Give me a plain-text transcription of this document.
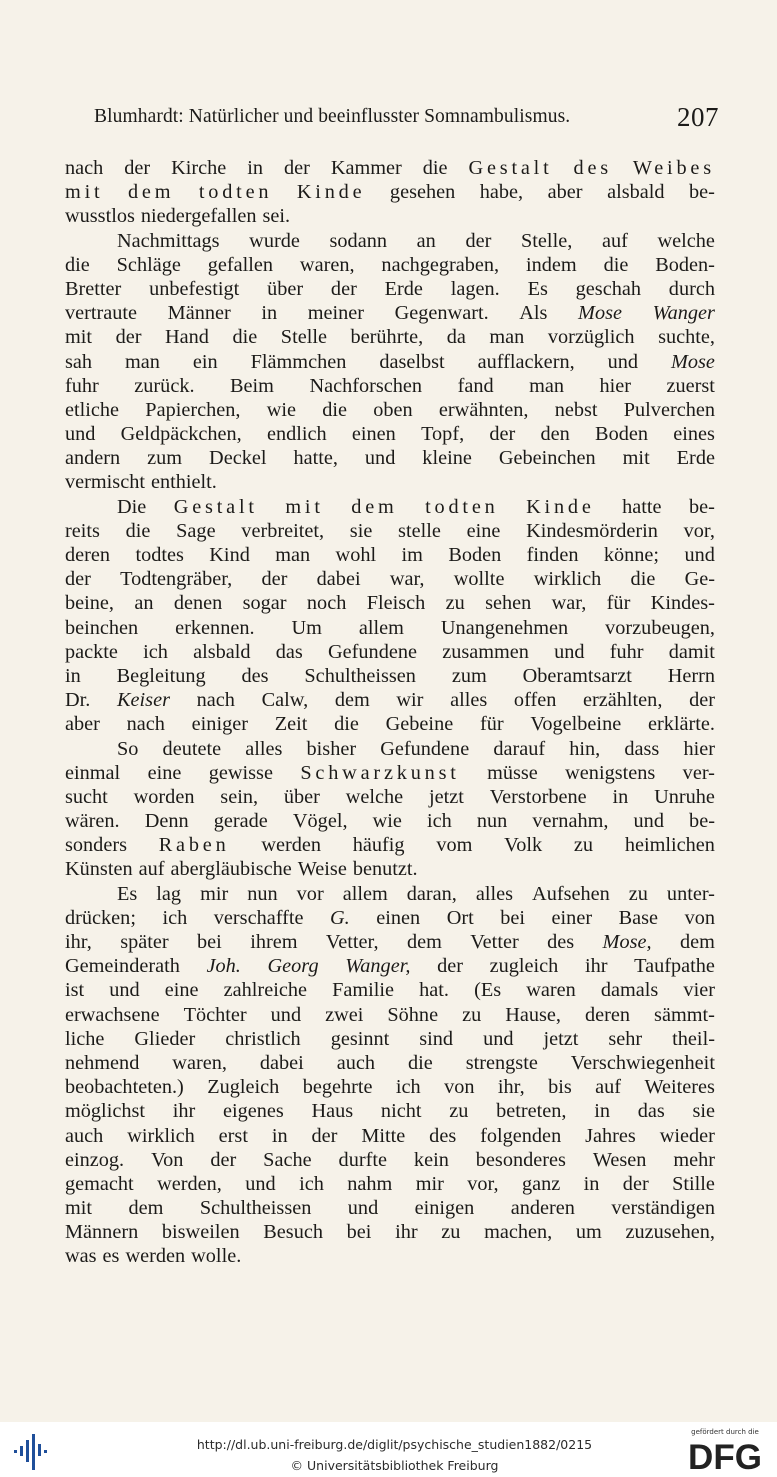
Blumhardt: Natürlicher und beeinflusster Somnambulismus.	207
nach der Kirche in der Kammer die Gestalt des Weibes
mit dem todten Kinde gesehen habe, aber alsbald be-
wusstlos niedergefallen sei.
Nachmittags wurde sodann an der Stelle, auf welche
die Schläge gefallen waren, nachgegraben, indem die Boden-
Bretter unbefestigt über der Erde lagen. Es geschah durch
vertraute Männer in meiner Gegenwart. Als Mose Wanger
mit der Hand die Stelle berührte, da man vorzüglich suchte,
sah man ein Flämmchen daselbst aufflackern, und Mose
fuhr zurück. Beim Nachforschen fand man hier zuerst
etliche Papierchen, wie die oben erwähnten, nebst Pulverchen
und Geldpäckchen, endlich einen Topf, der den Boden eines
andern zum Deckel hatte, und kleine Gebeinchen mit Erde
vermischt enthielt.
Die Gestalt mit dem todten Kinde hatte be-
reits die Sage verbreitet, sie stelle eine Kindesmörderin vor,
deren todtes Kind man wohl im Boden finden könne; und
der Todtengräber, der dabei war, wollte wirklich die Ge-
beine, an denen sogar noch Fleisch zu sehen war, für Kindes-
beinchen erkennen. Um allem Unangenehmen vorzubeugen,
packte ich alsbald das Gefundene zusammen und fuhr damit
in Begleitung des Schultheissen zum Oberamtsarzt Herrn
Dr. Keiser nach Calw, dem wir alles offen erzählten, der
aber nach einiger Zeit die Gebeine für Vogelbeine erklärte.
So deutete alles bisher Gefundene darauf hin, dass hier
einmal eine gewisse Schwarzkunst müsse wenigstens ver-
sucht worden sein, über welche jetzt Verstorbene in Unruhe
wären. Denn gerade Vögel, wie ich nun vernahm, und be-
sonders Raben werden häufig vom Volk zu heimlichen
Künsten auf abergläubische Weise benutzt.
Es lag mir nun vor allem daran, alles Aufsehen zu unter-
drücken; ich verschaffte G. einen Ort bei einer Base von
ihr, später bei ihrem Vetter, dem Vetter des Mose, dem
Gemeinderath Joh. Georg Wanger, der zugleich ihr Taufpathe
ist und eine zahlreiche Familie hat. (Es waren damals vier
erwachsene Töchter und zwei Söhne zu Hause, deren sämmt-
liche Glieder christlich gesinnt sind und jetzt sehr theil-
nehmend waren, dabei auch die strengste Verschwiegenheit
beobachteten.) Zugleich begehrte ich von ihr, bis auf Weiteres
möglichst ihr eigenes Haus nicht zu betreten, in das sie
auch wirklich erst in der Mitte des folgenden Jahres wieder
einzog. Von der Sache durfte kein besonderes Wesen mehr
gemacht werden, und ich nahm mir vor, ganz in der Stille
mit dem Schultheissen und einigen anderen verständigen
Männern bisweilen Besuch bei ihr zu machen, um zuzusehen,
was es werden wolle.
http://dl.ub.uni-freiburg.de/diglit/psychische_studien1882/0215
© Universitätsbibliothek Freiburg
gefördert durch die
DFG
